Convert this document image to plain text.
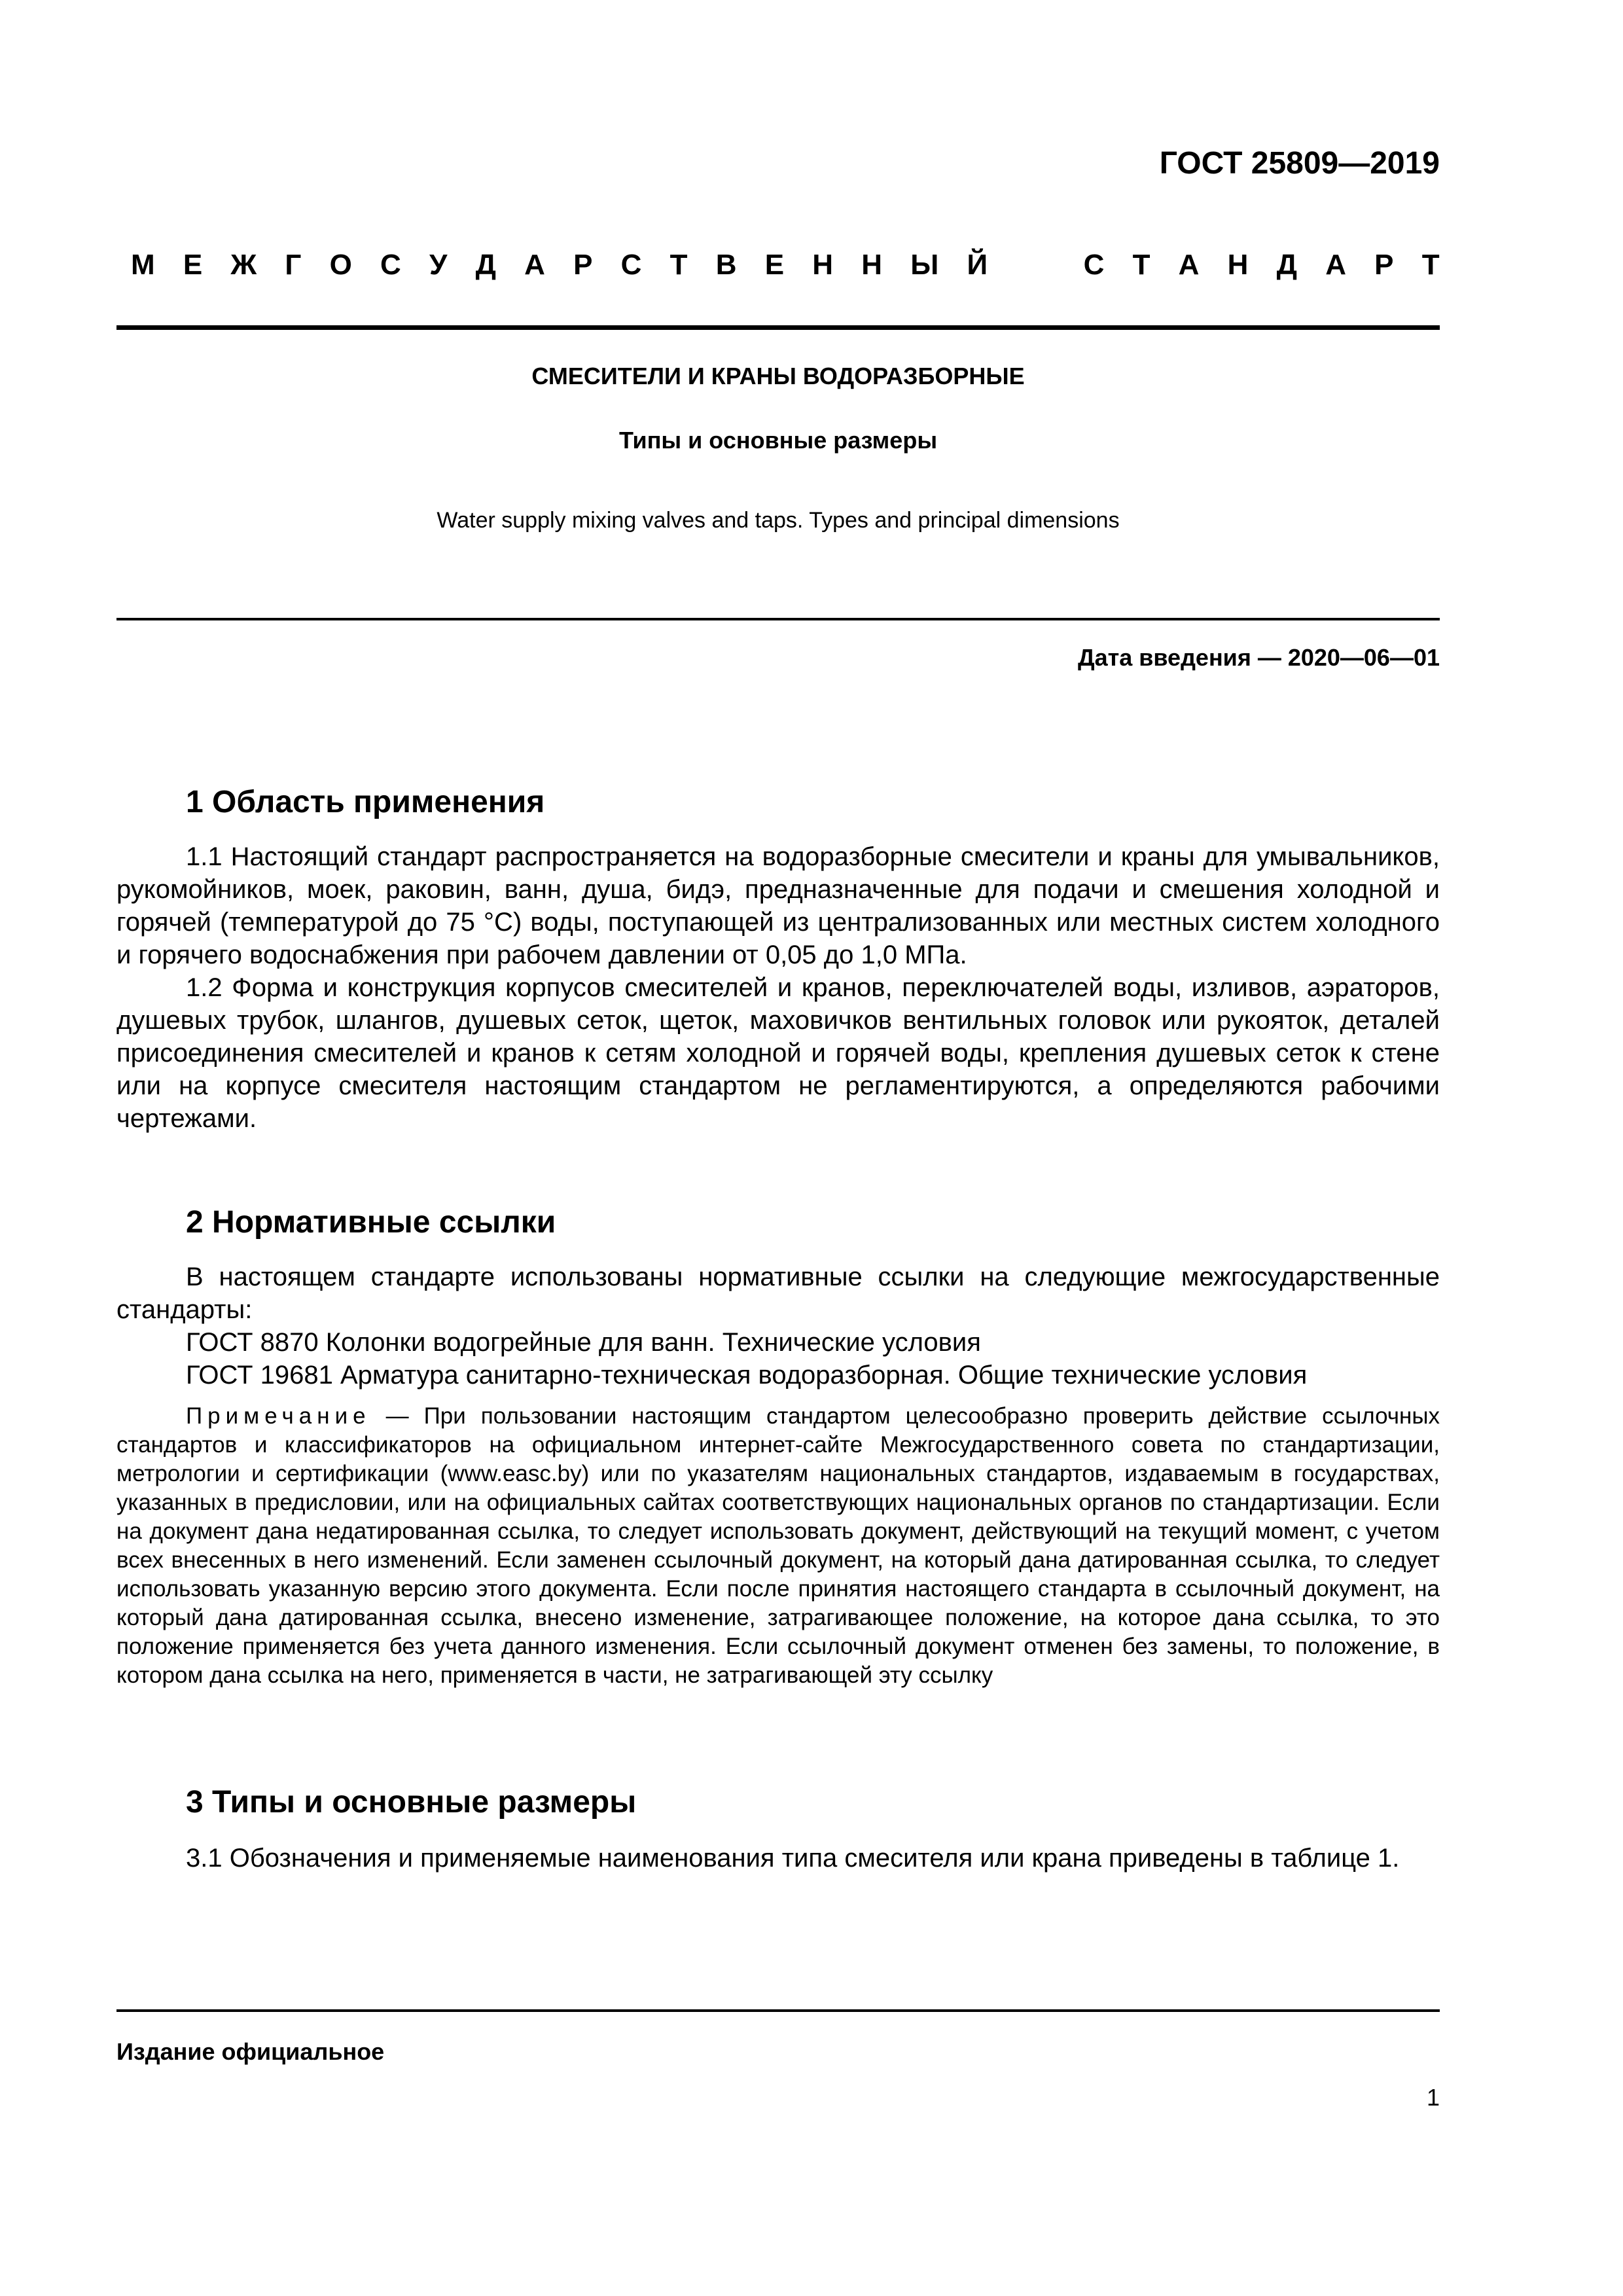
ГОСТ 25809—2019
М Е Ж Г О С У Д А Р С Т В Е Н Н Ы Й	С Т А Н Д А Р Т
СМЕСИТЕЛИ И КРАНЫ ВОДОРАЗБОРНЫЕ
Типы и основные размеры
Water supply mixing valves and taps. Types and principal dimensions
Дата введения — 2020—06—01
1 Область применения
1.1 Настоящий стандарт распространяется на водоразборные смесители и краны для умывальников, рукомойников, моек, раковин, ванн, душа, бидэ, предназначенные для подачи и смешения холодной и горячей (температурой до 75 °С) воды, поступающей из централизованных или местных систем холодного и горячего водоснабжения при рабочем давлении от 0,05 до 1,0 МПа.
1.2 Форма и конструкция корпусов смесителей и кранов, переключателей воды, изливов, аэраторов, душевых трубок, шлангов, душевых сеток, щеток, маховичков вентильных головок или рукояток, деталей присоединения смесителей и кранов к сетям холодной и горячей воды, крепления душевых сеток к стене или на корпусе смесителя настоящим стандартом не регламентируются, а определяются рабочими чертежами.
2 Нормативные ссылки
В настоящем стандарте использованы нормативные ссылки на следующие межгосударственные стандарты:
ГОСТ 8870 Колонки водогрейные для ванн. Технические условия
ГОСТ 19681 Арматура санитарно-техническая водоразборная. Общие технические условия
Примечание — При пользовании настоящим стандартом целесообразно проверить действие ссылочных стандартов и классификаторов на официальном интернет-сайте Межгосударственного совета по стандартизации, метрологии и сертификации (www.easc.by) или по указателям национальных стандартов, издаваемым в государствах, указанных в предисловии, или на официальных сайтах соответствующих национальных органов по стандартизации. Если на документ дана недатированная ссылка, то следует использовать документ, действующий на текущий момент, с учетом всех внесенных в него изменений. Если заменен ссылочный документ, на который дана датированная ссылка, то следует использовать указанную версию этого документа. Если после принятия настоящего стандарта в ссылочный документ, на который дана датированная ссылка, внесено изменение, затрагивающее положение, на которое дана ссылка, то это положение применяется без учета данного изменения. Если ссылочный документ отменен без замены, то положение, в котором дана ссылка на него, применяется в части, не затрагивающей эту ссылку
3 Типы и основные размеры
3.1 Обозначения и применяемые наименования типа смесителя или крана приведены в таблице 1.
Издание официальное
1
